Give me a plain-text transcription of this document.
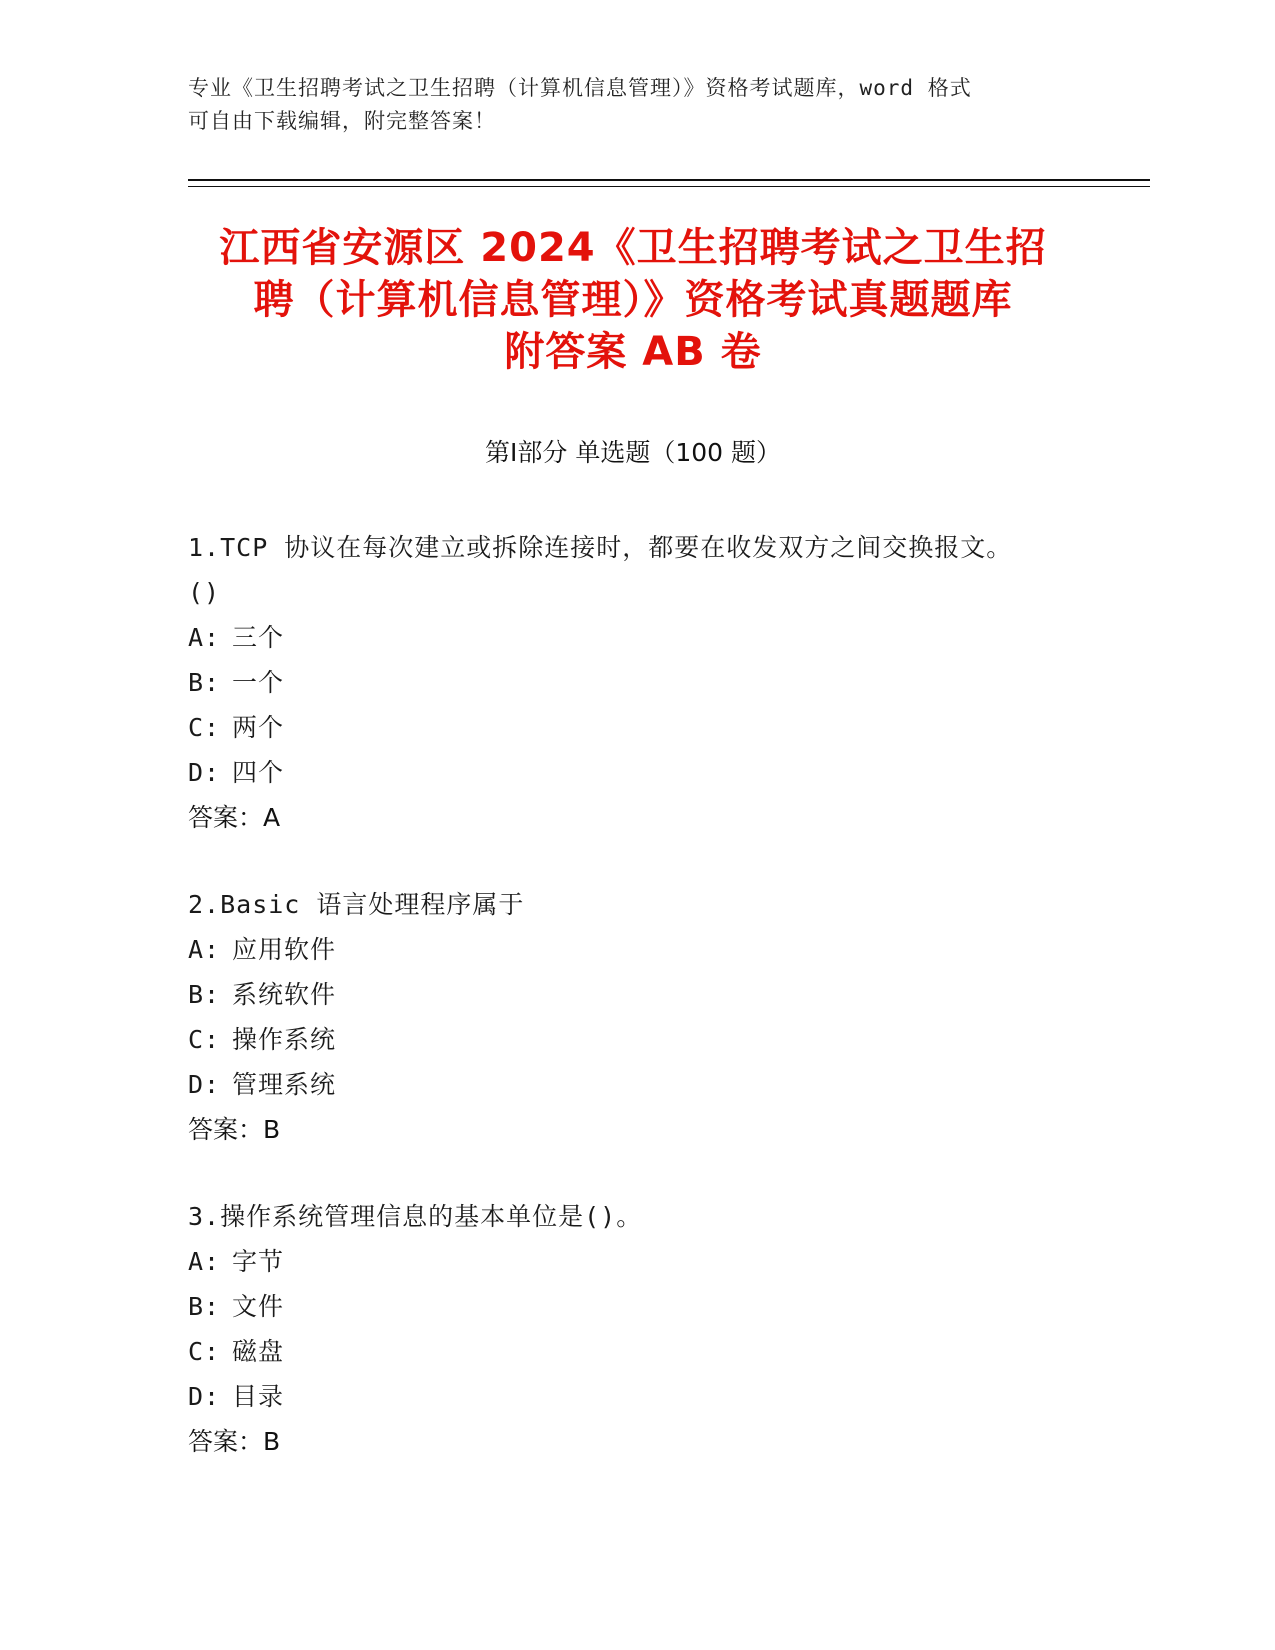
专业《卫生招聘考试之卫生招聘（计算机信息管理）》资格考试题库，word 格式
可自由下载编辑，附完整答案！
江西省安源区 2024《卫生招聘考试之卫生招
聘（计算机信息管理）》资格考试真题题库
附答案 AB 卷
第Ⅰ部分 单选题（100 题）
1.TCP 协议在每次建立或拆除连接时，都要在收发双方之间交换报文。
()
A: 三个
B: 一个
C: 两个
D: 四个
答案：A
2.Basic 语言处理程序属于
A: 应用软件
B: 系统软件
C: 操作系统
D: 管理系统
答案：B
3.操作系统管理信息的基本单位是()。
A: 字节
B: 文件
C: 磁盘
D: 目录
答案：B
